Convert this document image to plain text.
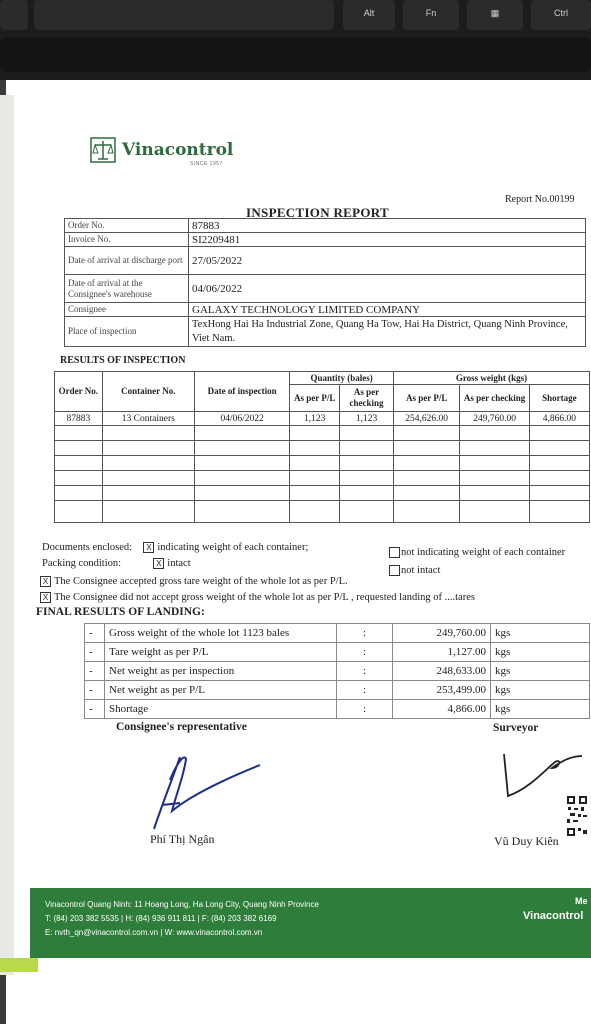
Alt	Fn	▦	Ctrl
Vinacontrol
SINCE 1957
Report No.00199
INSPECTION REPORT
Order No.	87883
Invoice No.	SI2209481
Date of arrival at discharge port	27/05/2022
Date of arrival at the Consignee's warehouse	04/06/2022
Consignee	GALAXY TECHNOLOGY LIMITED COMPANY
Place of inspection	TexHong Hai Ha Industrial Zone, Quang Ha Tow, Hai Ha District, Quang Ninh Province, Viet Nam.
RESULTS OF INSPECTION
Order No.	Container No.	Date of inspection	Quantity (bales)		Gross weight (kgs)		
			As per P/L	As per checking	As per P/L	As per checking	Shortage
87883	13 Containers	04/06/2022	1,123	1,123	254,626.00	249,760.00	4,866.00

Documents enclosed: X indicating weight of each container;	not indicating weight of each container
Packing condition:	X intact
not intact
X The Consignee accepted gross tare weight of the whole lot as per P/L.
X The Consignee did not accept gross weight of the whole lot as per P/L , requested landing of ....tares
FINAL RESULTS OF LANDING:
-	Gross weight of the whole lot 1123 bales	:	249,760.00	kgs
-	Tare weight as per P/L	:	1,127.00	kgs
-	Net weight as per inspection	:	248,633.00	kgs
-	Net weight as per P/L	:	253,499.00	kgs
-	Shortage	:	4,866.00	kgs
Consignee's representative	Surveyor
Phí Thị Ngân	Vũ Duy Kiên
Vinacontrol Quang Ninh: 11 Hoang Long, Ha Long City, Quang Ninh Province
T: (84) 203 382 5535 | H: (84) 936 911 811 | F: (84) 203 382 6169
E: nvth_qn@vinacontrol.com.vn | W: www.vinacontrol.com.vn
Me
Vinacontrol
